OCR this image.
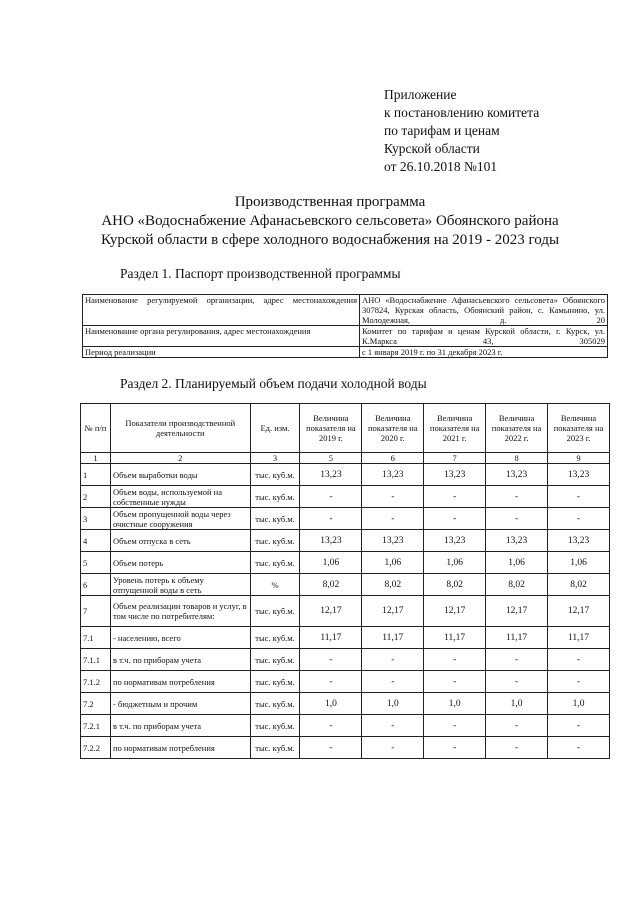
Приложение
к постановлению комитета
по тарифам и ценам
Курской области
от 26.10.2018 №101
Производственная программа
АНО «Водоснабжение Афанасьевского сельсовета» Обоянского района
Курской области в сфере холодного водоснабжения на 2019 - 2023 годы
Раздел 1. Паспорт производственной программы
Наименование регулируемой организации, адрес местонахождения	АНО «Водоснабжение Афанасьевского сельсовета» Обоянского 307824, Курская область, Обоянский район, с. Камынино, ул. Молодежная, д. 20
Наименование органа регулирования, адрес местонахождения	Комитет по тарифам и ценам Курской области, г. Курск, ул. К.Маркса 43, 305029
Период реализации	с 1 января 2019 г. по 31 декабря 2023 г.
Раздел 2. Планируемый объем подачи холодной воды
№ п/п	Показатели производственной деятельности	Ед. изм.	Величина показателя на 2019 г.	Величина показателя на 2020 г.	Величина показателя на 2021 г.	Величина показателя на 2022 г.	Величина показателя на 2023 г.
1	2	3	5	6	7	8	9
1	Объем выработки воды	тыс. куб.м.	13,23	13,23	13,23	13,23	13,23
2	Объем воды, используемой на собственные нужды	тыс. куб.м.	-	-	-	-	-
3	Объем пропущенной воды через очистные сооружения	тыс. куб.м.	-	-	-	-	-
4	Объем отпуска в сеть	тыс. куб.м.	13,23	13,23	13,23	13,23	13,23
5	Объем потерь	тыс. куб.м.	1,06	1,06	1,06	1,06	1,06
6	Уровень потерь к объему отпущенной воды в сеть	%	8,02	8,02	8,02	8,02	8,02
7	Объем реализации товаров и услуг, в том числе по потребителям:	тыс. куб.м.	12,17	12,17	12,17	12,17	12,17
7.1	- населению, всего	тыс. куб.м.	11,17	11,17	11,17	11,17	11,17
7.1.1	в т.ч. по приборам учета	тыс. куб.м.	-	-	-	-	-
7.1.2	по нормативам потребления	тыс. куб.м.	-	-	-	-	-
7.2	- бюджетным и прочим	тыс. куб.м.	1,0	1,0	1,0	1,0	1,0
7.2.1	в т.ч. по приборам учета	тыс. куб.м.	-	-	-	-	-
7.2.2	по нормативам потребления	тыс. куб.м.	-	-	-	-	-
